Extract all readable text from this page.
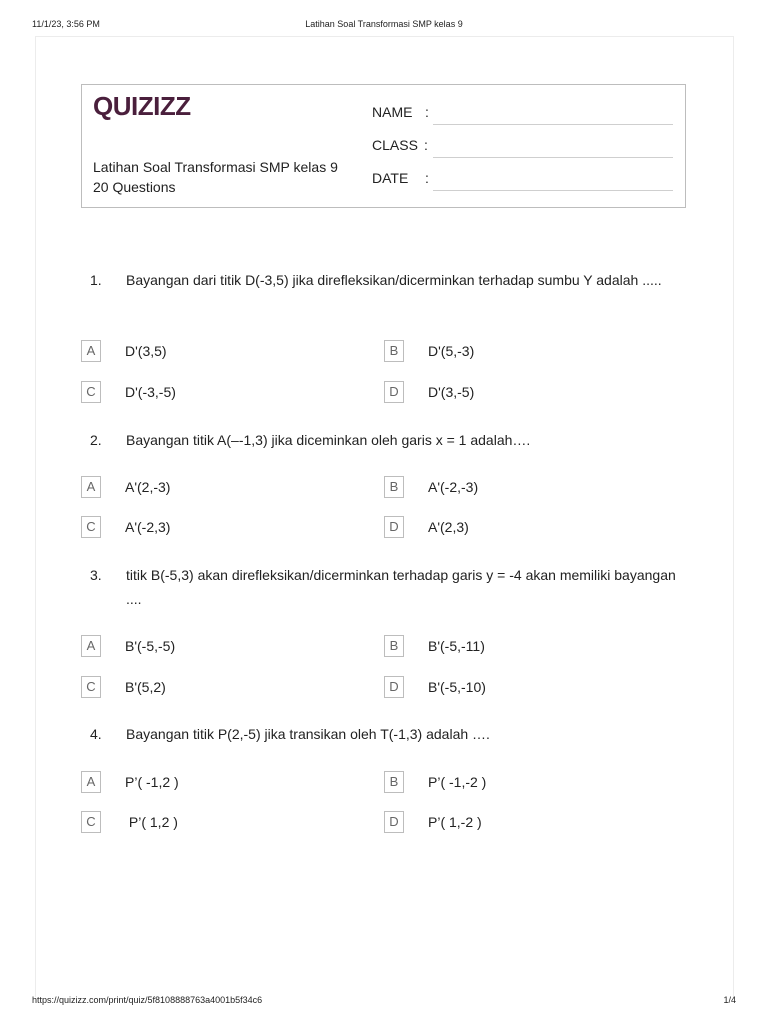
11/1/23, 3:56 PM	Latihan Soal Transformasi SMP kelas 9
QUIZIZZ
Latihan Soal Transformasi SMP kelas 9
20 Questions
NAME :
CLASS :
DATE	:
1. Bayangan dari titik D(-3,5) jika direfleksikan/dicerminkan terhadap sumbu Y adalah .....
A	D'(3,5)	B	D'(5,-3)
C	D'(-3,-5)	D	D'(3,-5)
2. Bayangan titik A(–-1,3) jika diceminkan oleh garis x = 1 adalah….
A	A'(2,-3)	B	A'(-2,-3)
C	A'(-2,3)	D	A'(2,3)
3. titik B(-5,3) akan direfleksikan/dicerminkan terhadap garis y = -4 akan memiliki bayangan ....
A	B'(-5,-5)	B	B'(-5,-11)
C	B'(5,2)	D	B'(-5,-10)
4. Bayangan titik P(2,-5) jika transikan oleh T(-1,3) adalah ….
A	P’( -1,2 )	B	P’( -1,-2 )
C	P’( 1,2 )	D	P’( 1,-2 )
https://quizizz.com/print/quiz/5f8108888763a4001b5f34c6	1/4
